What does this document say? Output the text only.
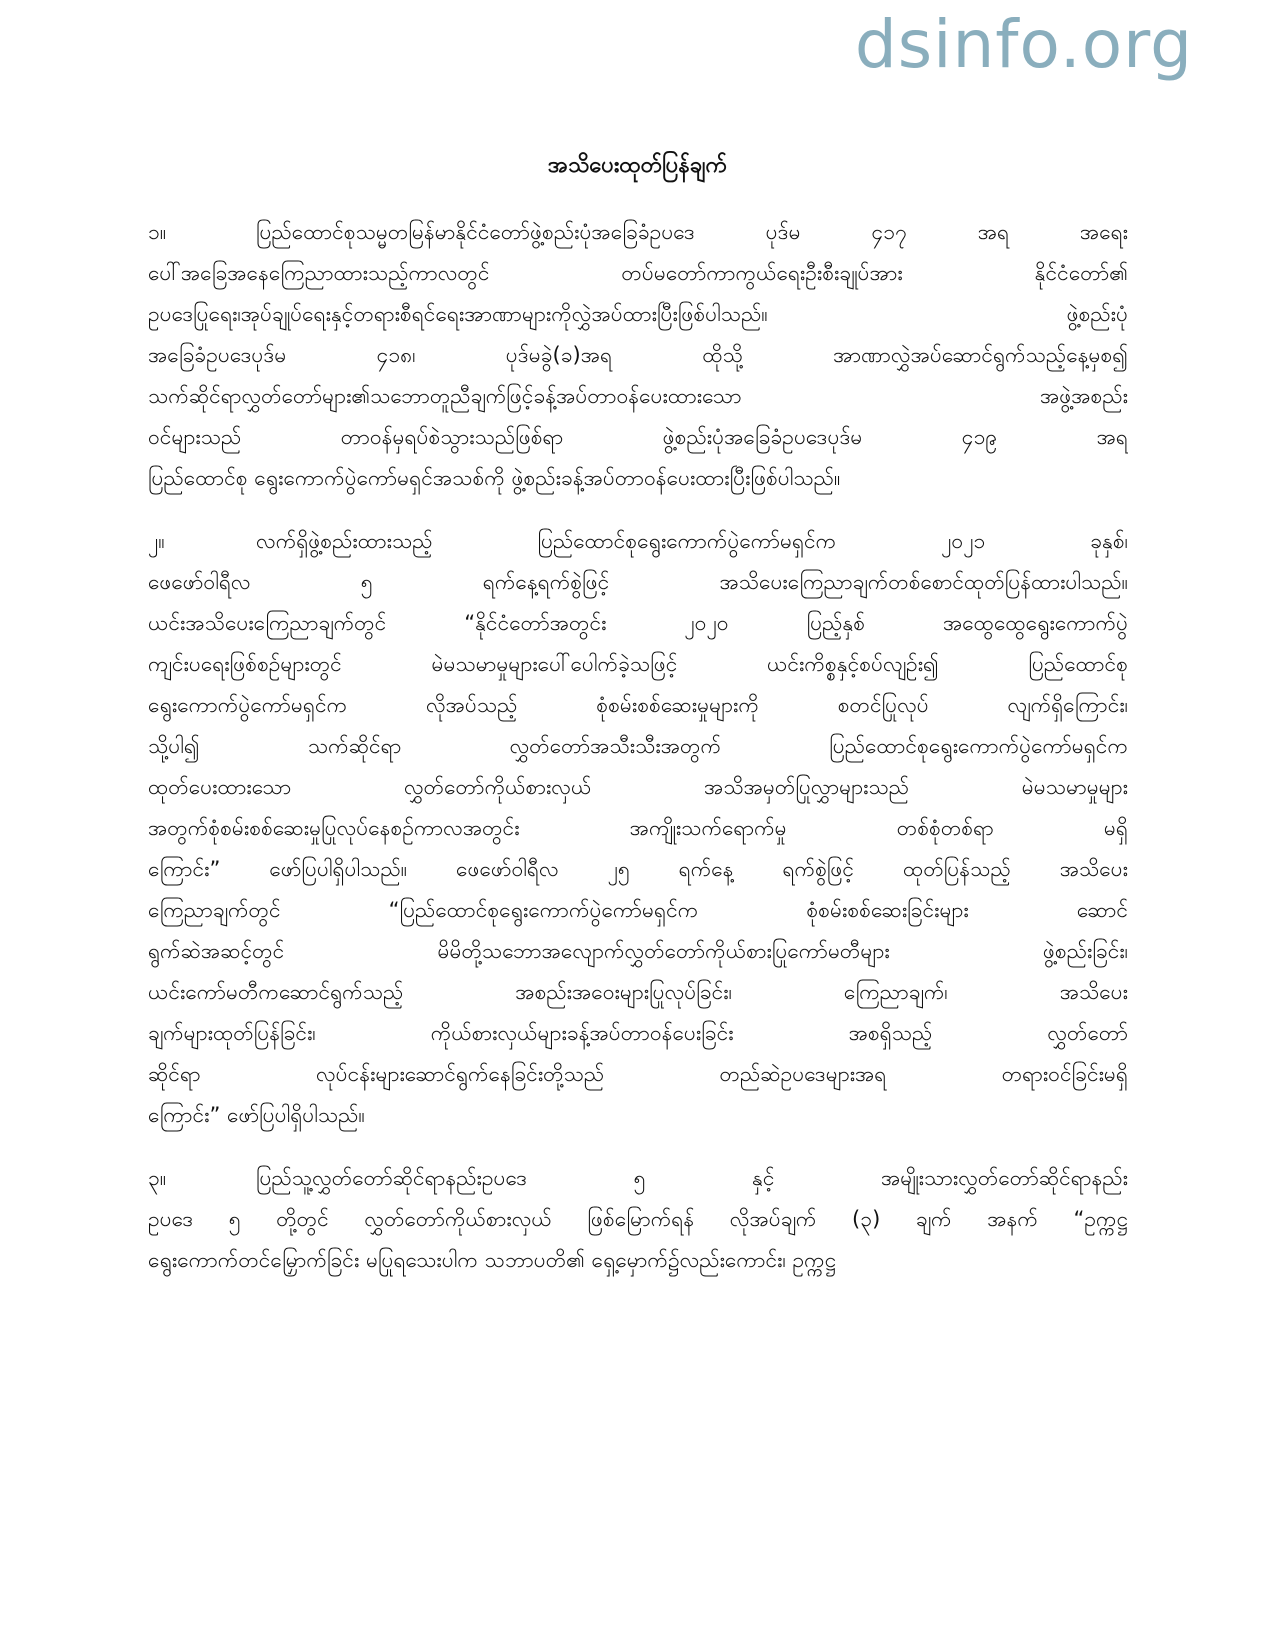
dsinfo.org
အသိပေးထုတ်ပြန်ချက်
၁။	ပြည်ထောင်စုသမ္မတမြန်မာနိုင်ငံတော်ဖွဲ့စည်းပုံအခြေခံဥပဒေ ပုဒ်မ ၄၁၇ အရ အရေး
ပေါ်အခြေအနေကြေညာထားသည့်ကာလတွင် တပ်မတော်ကာကွယ်ရေးဦးစီးချုပ်အား နိုင်ငံတော်၏
ဥပဒေပြုရေး၊အုပ်ချုပ်ရေးနှင့်တရားစီရင်ရေးအာဏာများကိုလွှဲအပ်ထားပြီးဖြစ်ပါသည်။ ဖွဲ့စည်းပုံ
အခြေခံဥပဒေပုဒ်မ ၄၁၈၊ ပုဒ်မခွဲ(ခ)အရ ထိုသို့ အာဏာလွှဲအပ်ဆောင်ရွက်သည့်နေ့မှစ၍
သက်ဆိုင်ရာလွှတ်တော်များ၏သဘောတူညီချက်ဖြင့်ခန့်အပ်တာဝန်ပေးထားသော အဖွဲ့အစည်း
ဝင်များသည် တာဝန်မှရပ်စဲသွားသည်ဖြစ်ရာ ဖွဲ့စည်းပုံအခြေခံဥပဒေပုဒ်မ ၄၁၉ အရ
ပြည်ထောင်စု ရွေးကောက်ပွဲကော်မရှင်အသစ်ကို ဖွဲ့စည်းခန့်အပ်တာဝန်ပေးထားပြီးဖြစ်ပါသည်။
၂။	လက်ရှိဖွဲ့စည်းထားသည့် ပြည်ထောင်စုရွေးကောက်ပွဲကော်မရှင်က ၂၀၂၁ ခုနှစ်၊
ဖေဖော်ဝါရီလ ၅ ရက်နေ့ရက်စွဲဖြင့် အသိပေးကြေညာချက်တစ်စောင်ထုတ်ပြန်ထားပါသည်။
ယင်းအသိပေးကြေညာချက်တွင် “နိုင်ငံတော်အတွင်း ၂၀၂၀ ပြည့်နှစ် အထွေထွေရွေးကောက်ပွဲ
ကျင်းပရေးဖြစ်စဉ်များတွင် မဲမသမာမှုများပေါ်ပေါက်ခဲ့သဖြင့် ယင်းကိစ္စနှင့်စပ်လျဉ်း၍ ပြည်ထောင်စု
ရွေးကောက်ပွဲကော်မရှင်က လိုအပ်သည့် စုံစမ်းစစ်ဆေးမှုများကို စတင်ပြုလုပ် လျက်ရှိကြောင်း၊
သို့ပါ၍ သက်ဆိုင်ရာ လွှတ်တော်အသီးသီးအတွက် ပြည်ထောင်စုရွေးကောက်ပွဲကော်မရှင်က
ထုတ်ပေးထားသော လွှတ်တော်ကိုယ်စားလှယ် အသိအမှတ်ပြုလွှာများသည် မဲမသမာမှုများ
အတွက်စုံစမ်းစစ်ဆေးမှုပြုလုပ်နေစဉ်ကာလအတွင်း အကျိုးသက်ရောက်မှု တစ်စုံတစ်ရာ မရှိ
ကြောင်း” ဖော်ပြပါရှိပါသည်။ ဖေဖော်ဝါရီလ ၂၅ ရက်နေ့ ရက်စွဲဖြင့် ထုတ်ပြန်သည့် အသိပေး
ကြေညာချက်တွင် “ပြည်ထောင်စုရွေးကောက်ပွဲကော်မရှင်က စုံစမ်းစစ်ဆေးခြင်းများ ဆောင်
ရွက်ဆဲအဆင့်တွင် မိမိတို့သဘောအလျောက်လွှတ်တော်ကိုယ်စားပြုကော်မတီများ ဖွဲ့စည်းခြင်း၊
ယင်းကော်မတီကဆောင်ရွက်သည့် အစည်းအဝေးများပြုလုပ်ခြင်း၊ ကြေညာချက်၊ အသိပေး
ချက်များထုတ်ပြန်ခြင်း၊ ကိုယ်စားလှယ်များခန့်အပ်တာဝန်ပေးခြင်း အစရှိသည့် လွှတ်တော်
ဆိုင်ရာ လုပ်ငန်းများဆောင်ရွက်နေခြင်းတို့သည် တည်ဆဲဥပဒေများအရ တရားဝင်ခြင်းမရှိ
ကြောင်း” ဖော်ပြပါရှိပါသည်။
၃။	ပြည်သူ့လွှတ်တော်ဆိုင်ရာနည်းဥပဒေ ၅ နှင့် အမျိုးသားလွှတ်တော်ဆိုင်ရာနည်း
ဥပဒေ ၅ တို့တွင် လွှတ်တော်ကိုယ်စားလှယ် ဖြစ်မြောက်ရန် လိုအပ်ချက် (၃) ချက် အနက် “ဥက္ကဋ္ဌ
ရွေးကောက်တင်မြှောက်ခြင်း မပြုရသေးပါက သဘာပတိ၏ ရှေ့မှောက်၌လည်းကောင်း၊ ဥက္ကဋ္ဌ
